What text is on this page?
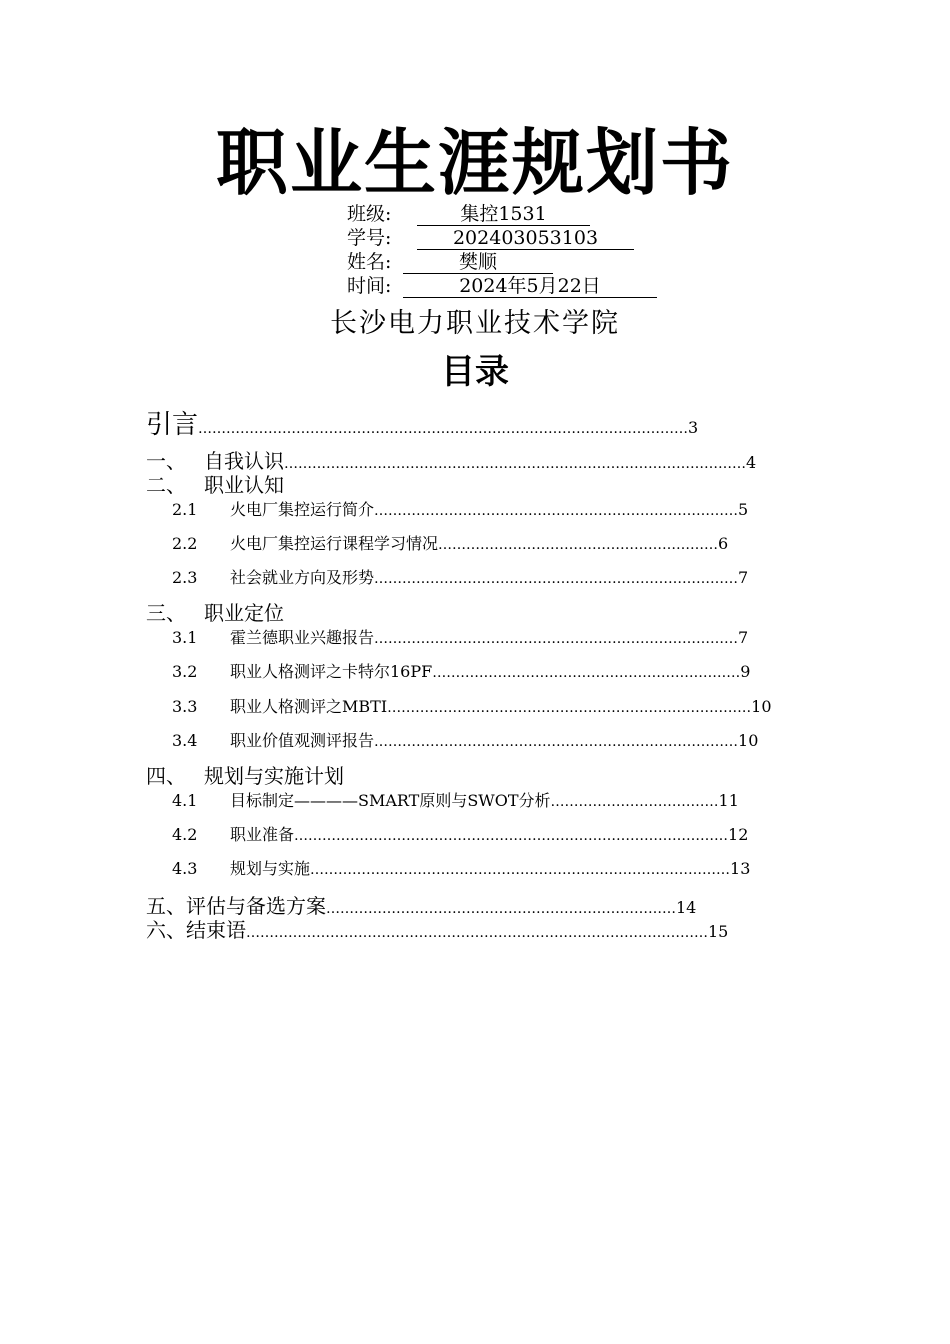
职业生涯规划书
班级:	集控1531
学号:	202403053103
姓名:	樊顺
时间:	2024年5月22日
长沙电力职业技术学院
目录
引言……………………………………………………………………………………………3
一、 自我认识………………………………………………………………………………………4
二、 职业认知
2.1 火电厂集控运行简介……………………………………………………………………5
2.2 火电厂集控运行课程学习情况……………………………………………………6
2.3 社会就业方向及形势……………………………………………………………………7
三、 职业定位
3.1 霍兰德职业兴趣报告……………………………………………………………………7
3.2 职业人格测评之卡特尔16PF…………………………………………………………9
3.3 职业人格测评之MBTI……………………………………………………………………10
3.4 职业价值观测评报告……………………………………………………………………10
四、 规划与实施计划
4.1 目标制定————SMART原则与SWOT分析………………………………11
4.2 职业准备…………………………………………………………………………………12
4.3 规划与实施………………………………………………………………………………13
五、评估与备选方案…………………………………………………………………14
六、结束语………………………………………………………………………………………15
